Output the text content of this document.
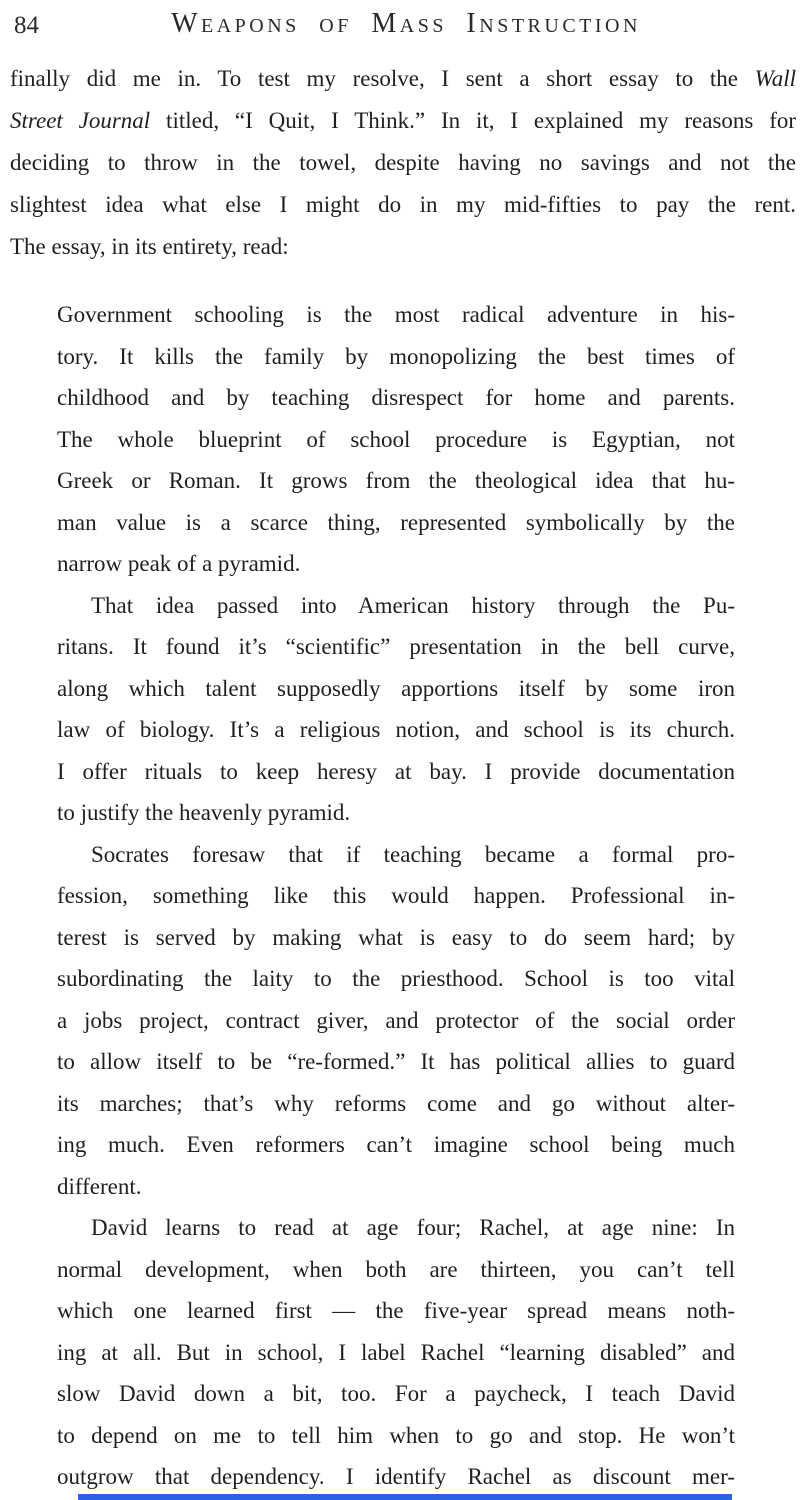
84	Weapons of Mass Instruction
finally did me in. To test my resolve, I sent a short essay to the Wall
Street Journal titled, “I Quit, I Think.” In it, I explained my reasons for
deciding to throw in the towel, despite having no savings and not the
slightest idea what else I might do in my mid-fifties to pay the rent.
The essay, in its entirety, read:
Government schooling is the most radical adventure in his-
tory. It kills the family by monopolizing the best times of
childhood and by teaching disrespect for home and parents.
The whole blueprint of school procedure is Egyptian, not
Greek or Roman. It grows from the theological idea that hu-
man value is a scarce thing, represented symbolically by the
narrow peak of a pyramid.
That idea passed into American history through the Pu-
ritans. It found it’s “scientific” presentation in the bell curve,
along which talent supposedly apportions itself by some iron
law of biology. It’s a religious notion, and school is its church.
I offer rituals to keep heresy at bay. I provide documentation
to justify the heavenly pyramid.
Socrates foresaw that if teaching became a formal pro-
fession, something like this would happen. Professional in-
terest is served by making what is easy to do seem hard; by
subordinating the laity to the priesthood. School is too vital
a jobs project, contract giver, and protector of the social order
to allow itself to be “re-formed.” It has political allies to guard
its marches; that’s why reforms come and go without alter-
ing much. Even reformers can’t imagine school being much
different.
David learns to read at age four; Rachel, at age nine: In
normal development, when both are thirteen, you can’t tell
which one learned first — the five-year spread means noth-
ing at all. But in school, I label Rachel “learning disabled” and
slow David down a bit, too. For a paycheck, I teach David
to depend on me to tell him when to go and stop. He won’t
outgrow that dependency. I identify Rachel as discount mer-
